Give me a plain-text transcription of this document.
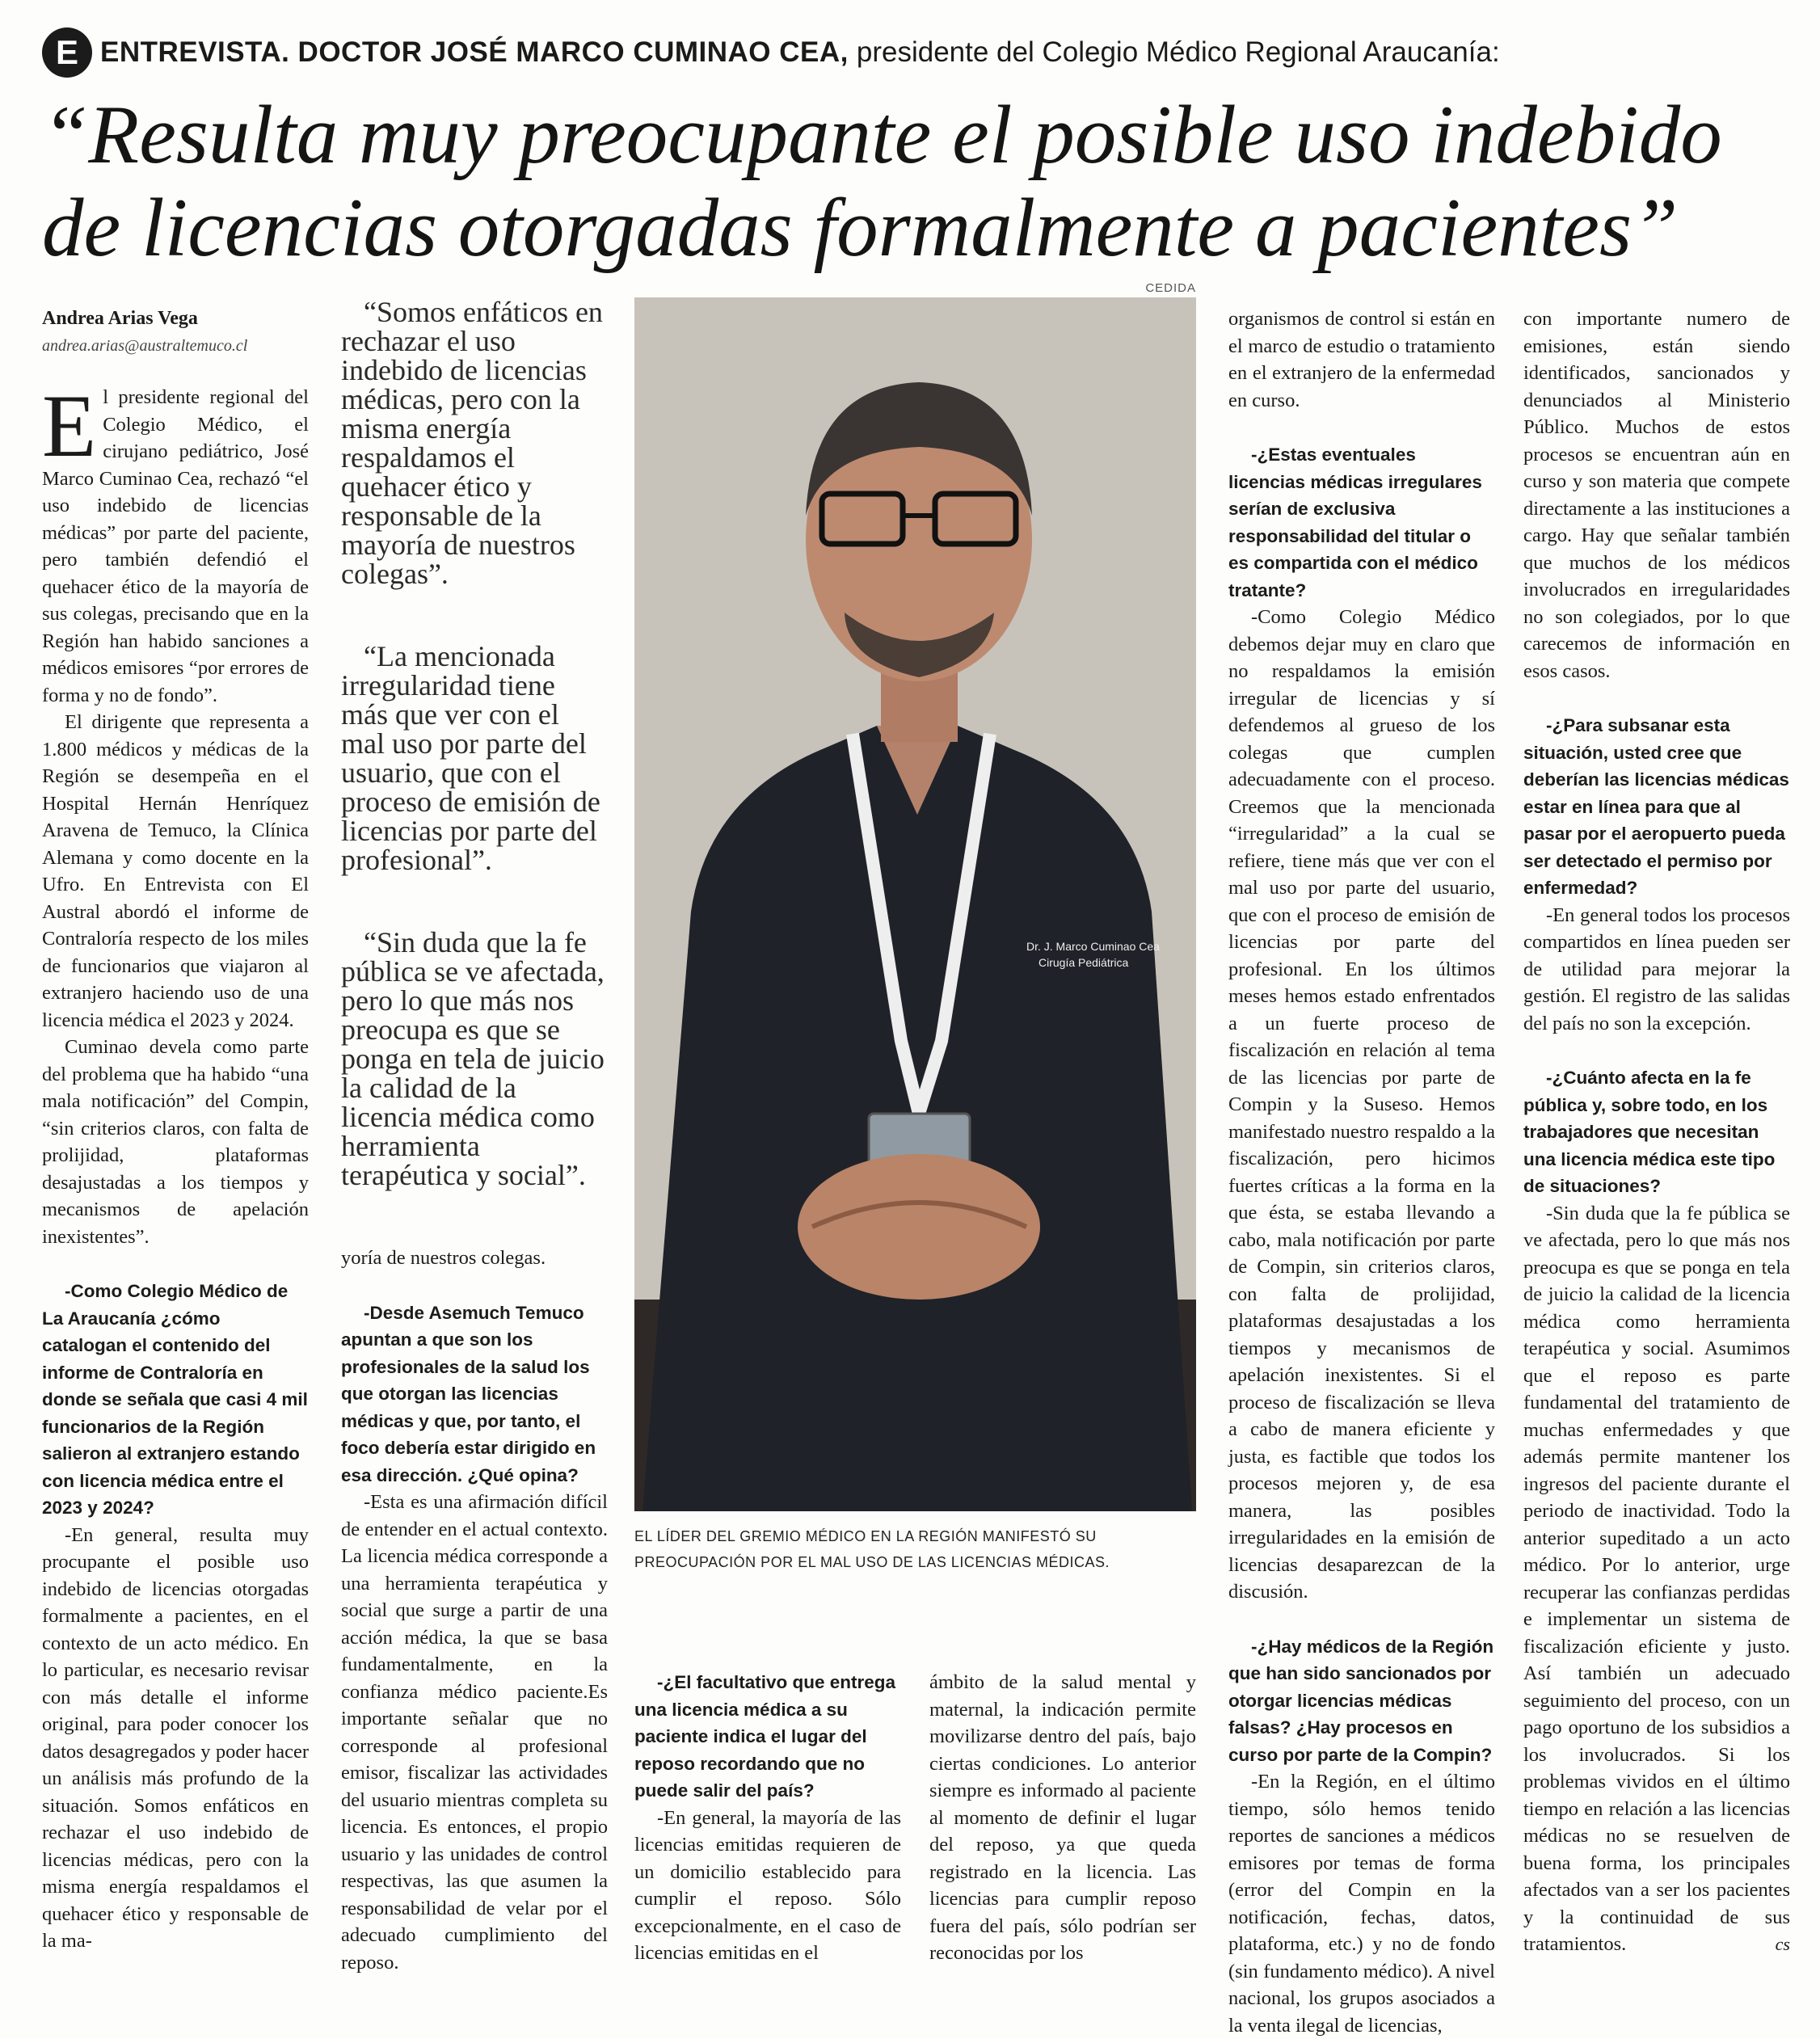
E ENTREVISTA. DOCTOR JOSÉ MARCO CUMINAO CEA, presidente del Colegio Médico Regional Araucanía:
“Resulta muy preocupante el posible uso indebido
de licencias otorgadas formalmente a pacientes”
Andrea Arias Vega
andrea.arias@australtemuco.cl

El presidente regional del Colegio Médico, el cirujano pediátrico, José Marco Cuminao Cea, rechazó “el uso indebido de licencias médicas” por parte del paciente, pero también defendió el quehacer ético de la mayoría de sus colegas, precisando que en la Región han habido sanciones a médicos emisores “por errores de forma y no de fondo”.

El dirigente que representa a 1.800 médicos y médicas de la Región se desempeña en el Hospital Hernán Henríquez Aravena de Temuco, la Clínica Alemana y como docente en la Ufro. En Entrevista con El Austral abordó el informe de Contraloría respecto de los miles de funcionarios que viajaron al extranjero haciendo uso de una licencia médica el 2023 y 2024.

Cuminao devela como parte del problema que ha habido “una mala notificación” del Compin, “sin criterios claros, con falta de prolijidad, plataformas desajustadas a los tiempos y mecanismos de apelación inexistentes”.

-Como Colegio Médico de La Araucanía ¿cómo catalogan el contenido del informe de Contraloría en donde se señala que casi 4 mil funcionarios de la Región salieron al extranjero estando con licencia médica entre el 2023 y 2024?

-En general, resulta muy procupante el posible uso indebido de licencias otorgadas formalmente a pacientes, en el contexto de un acto médico. En lo particular, es necesario revisar con más detalle el informe original, para poder conocer los datos desagregados y poder hacer un análisis más profundo de la situación. Somos enfáticos en rechazar el uso indebido de licencias médicas, pero con la misma energía respaldamos el quehacer ético y responsable de la ma-

“Somos enfáticos en rechazar el uso indebido de licencias médicas, pero con la misma energía respaldamos el quehacer ético y responsable de la mayoría de nuestros colegas”.

“La mencionada irregularidad tiene más que ver con el mal uso por parte del usuario, que con el proceso de emisión de licencias por parte del profesional”.

“Sin duda que la fe pública se ve afectada, pero lo que más nos preocupa es que se ponga en tela de juicio la calidad de la licencia médica como herramienta terapéutica y social”.

yoría de nuestros colegas.

-Desde Asemuch Temuco apuntan a que son los profesionales de la salud los que otorgan las licencias médicas y que, por tanto, el foco debería estar dirigido en esa dirección. ¿Qué opina?

-Esta es una afirmación difícil de entender en el actual contexto. La licencia médica corresponde a una herramienta terapéutica y social que surge a partir de una acción médica, la que se basa fundamentalmente, en la confianza médico paciente.Es importante señalar que no corresponde al profesional emisor, fiscalizar las actividades del usuario mientras completa su licencia. Es entonces, el propio usuario y las unidades de control respectivas, las que asumen la responsabilidad de velar por el adecuado cumplimiento del reposo.

CEDIDA
Dr. J. Marco Cuminao Cea
Cirugía Pediátrica
EL LÍDER DEL GREMIO MÉDICO EN LA REGIÓN MANIFESTÓ SU PREOCUPACIÓN POR EL MAL USO DE LAS LICENCIAS MÉDICAS.

-¿El facultativo que entrega una licencia médica a su paciente indica el lugar del reposo recordando que no puede salir del país?

-En general, la mayoría de las licencias emitidas requieren de un domicilio establecido para cumplir el reposo. Sólo excepcionalmente, en el caso de licencias emitidas en el

ámbito de la salud mental y maternal, la indicación permite movilizarse dentro del país, bajo ciertas condiciones. Lo anterior siempre es informado al paciente al momento de definir el lugar del reposo, ya que queda registrado en la licencia. Las licencias para cumplir reposo fuera del país, sólo podrían ser reconocidas por los

organismos de control si están en el marco de estudio o tratamiento en el extranjero de la enfermedad en curso.

-¿Estas eventuales licencias médicas irregulares serían de exclusiva responsabilidad del titular o es compartida con el médico tratante?

-Como Colegio Médico debemos dejar muy en claro que no respaldamos la emisión irregular de licencias y sí defendemos al grueso de los colegas que cumplen adecuadamente con el proceso. Creemos que la mencionada “irregularidad” a la cual se refiere, tiene más que ver con el mal uso por parte del usuario, que con el proceso de emisión de licencias por parte del profesional. En los últimos meses hemos estado enfrentados a un fuerte proceso de fiscalización en relación al tema de las licencias por parte de Compin y la Suseso. Hemos manifestado nuestro respaldo a la fiscalización, pero hicimos fuertes críticas a la forma en la que ésta, se estaba llevando a cabo, mala notificación por parte de Compin, sin criterios claros, con falta de prolijidad, plataformas desajustadas a los tiempos y mecanismos de apelación inexistentes. Si el proceso de fiscalización se lleva a cabo de manera eficiente y justa, es factible que todos los procesos mejoren y, de esa manera, las posibles irregularidades en la emisión de licencias desaparezcan de la discusión.

-¿Hay médicos de la Región que han sido sancionados por otorgar licencias médicas falsas? ¿Hay procesos en curso por parte de la Compin?

-En la Región, en el último tiempo, sólo hemos tenido reportes de sanciones a médicos emisores por temas de forma (error del Compin en la notificación, fechas, datos, plataforma, etc.) y no de fondo (sin fundamento médico). A nivel nacional, los grupos asociados a la venta ilegal de licencias,

con importante numero de emisiones, están siendo identificados, sancionados y denunciados al Ministerio Público. Muchos de estos procesos se encuentran aún en curso y son materia que compete directamente a las instituciones a cargo. Hay que señalar también que muchos de los médicos involucrados en irregularidades no son colegiados, por lo que carecemos de información en esos casos.

-¿Para subsanar esta situación, usted cree que deberían las licencias médicas estar en línea para que al pasar por el aeropuerto pueda ser detectado el permiso por enfermedad?

-En general todos los procesos compartidos en línea pueden ser de utilidad para mejorar la gestión. El registro de las salidas del país no son la excepción.

-¿Cuánto afecta en la fe pública y, sobre todo, en los trabajadores que necesitan una licencia médica este tipo de situaciones?

-Sin duda que la fe pública se ve afectada, pero lo que más nos preocupa es que se ponga en tela de juicio la calidad de la licencia médica como herramienta terapéutica y social. Asumimos que el reposo es parte fundamental del tratamiento de muchas enfermedades y que además permite mantener los ingresos del paciente durante el periodo de inactividad. Todo la anterior supeditado a un acto médico. Por lo anterior, urge recuperar las confianzas perdidas e implementar un sistema de fiscalización eficiente y justo. Así también un adecuado seguimiento del proceso, con un pago oportuno de los subsidios a los involucrados. Si los problemas vividos en el último tiempo en relación a las licencias médicas no se resuelven de buena forma, los principales afectados van a ser los pacientes y la continuidad de sus tratamientos.	cs
